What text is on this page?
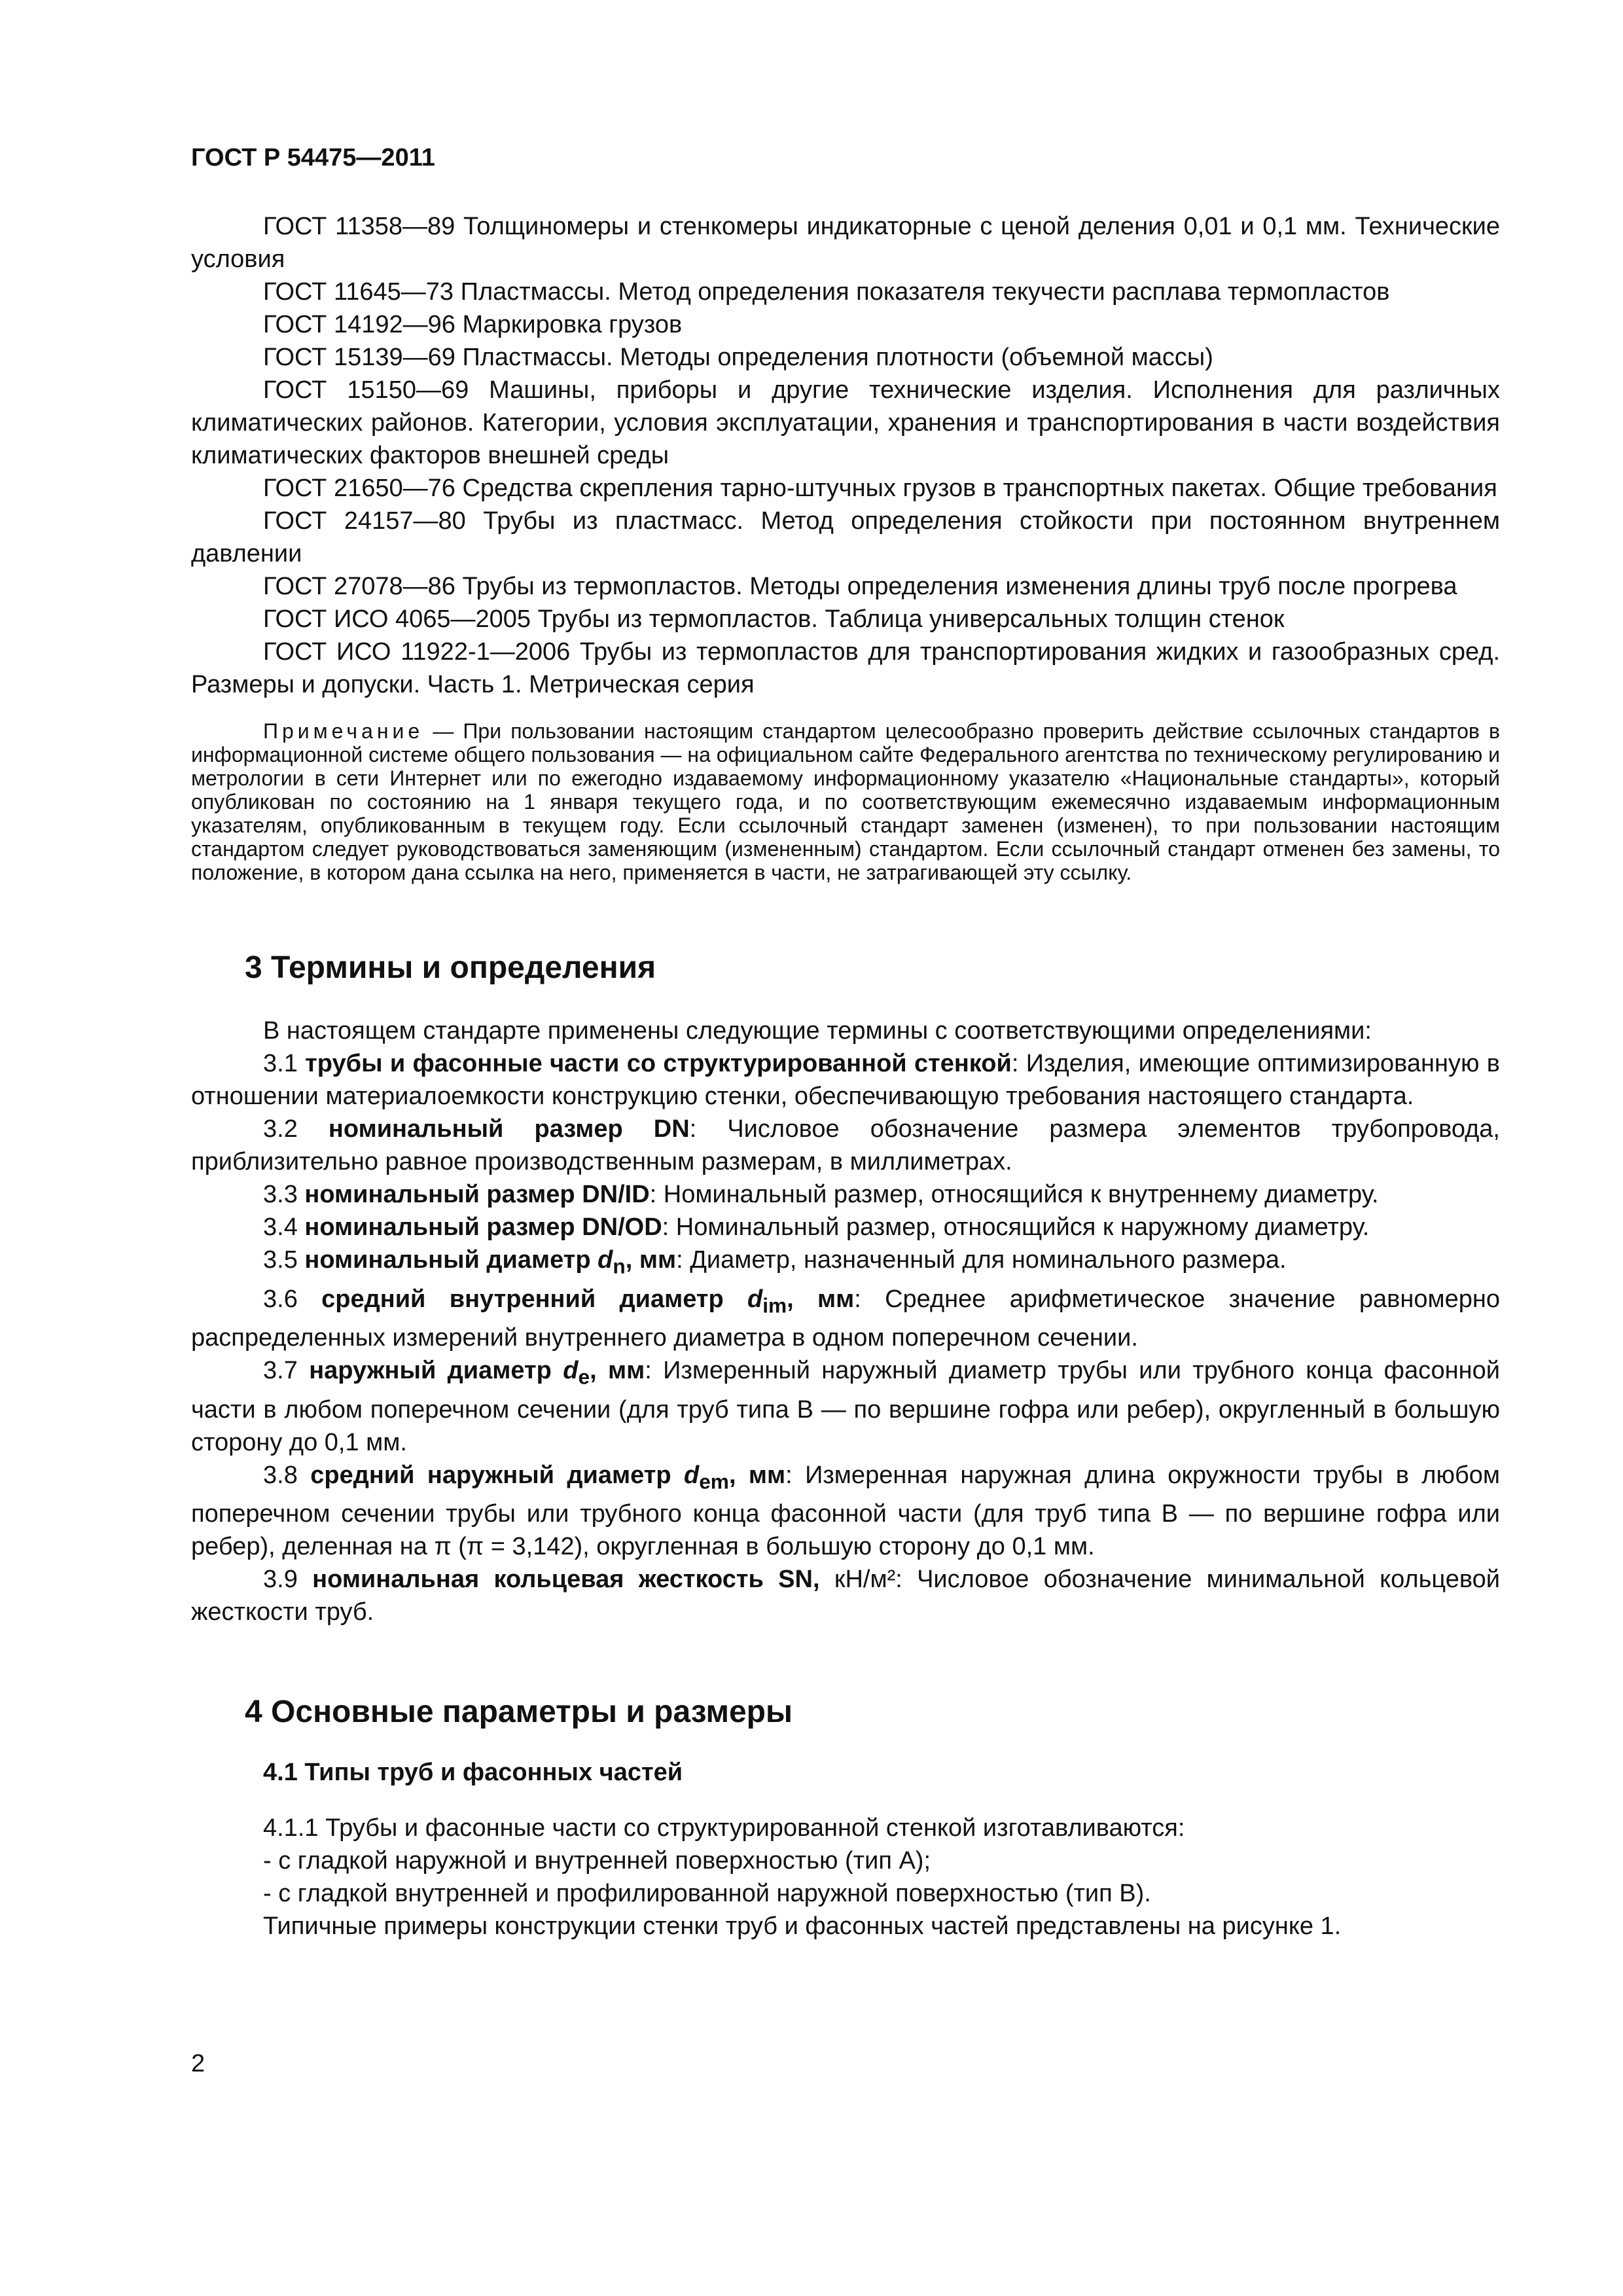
ГОСТ Р 54475—2011

ГОСТ 11358—89 Толщиномеры и стенкомеры индикаторные с ценой деления 0,01 и 0,1 мм. Технические условия

ГОСТ 11645—73 Пластмассы. Метод определения показателя текучести расплава термопластов

ГОСТ 14192—96 Маркировка грузов

ГОСТ 15139—69 Пластмассы. Методы определения плотности (объемной массы)

ГОСТ 15150—69 Машины, приборы и другие технические изделия. Исполнения для различных климатических районов. Категории, условия эксплуатации, хранения и транспортирования в части воздействия климатических факторов внешней среды

ГОСТ 21650—76 Средства скрепления тарно-штучных грузов в транспортных пакетах. Общие требования

ГОСТ 24157—80 Трубы из пластмасс. Метод определения стойкости при постоянном внутреннем давлении

ГОСТ 27078—86 Трубы из термопластов. Методы определения изменения длины труб после прогрева

ГОСТ ИСО 4065—2005 Трубы из термопластов. Таблица универсальных толщин стенок

ГОСТ ИСО 11922-1—2006 Трубы из термопластов для транспортирования жидких и газообразных сред. Размеры и допуски. Часть 1. Метрическая серия

Примечание — При пользовании настоящим стандартом целесообразно проверить действие ссылочных стандартов в информационной системе общего пользования — на официальном сайте Федерального агентства по техническому регулированию и метрологии в сети Интернет или по ежегодно издаваемому информационному указателю «Национальные стандарты», который опубликован по состоянию на 1 января текущего года, и по соответствующим ежемесячно издаваемым информационным указателям, опубликованным в текущем году. Если ссылочный стандарт заменен (изменен), то при пользовании настоящим стандартом следует руководствоваться заменяющим (измененным) стандартом. Если ссылочный стандарт отменен без замены, то положение, в котором дана ссылка на него, применяется в части, не затрагивающей эту ссылку.

3 Термины и определения

В настоящем стандарте применены следующие термины с соответствующими определениями:

3.1 трубы и фасонные части со структурированной стенкой: Изделия, имеющие оптимизированную в отношении материалоемкости конструкцию стенки, обеспечивающую требования настоящего стандарта.

3.2 номинальный размер DN: Числовое обозначение размера элементов трубопровода, приблизительно равное производственным размерам, в миллиметрах.

3.3 номинальный размер DN/ID: Номинальный размер, относящийся к внутреннему диаметру.

3.4 номинальный размер DN/OD: Номинальный размер, относящийся к наружному диаметру.

3.5 номинальный диаметр $d_n$, мм: Диаметр, назначенный для номинального размера.

3.6 средний внутренний диаметр $d_{im}$, мм: Среднее арифметическое значение равномерно распределенных измерений внутреннего диаметра в одном поперечном сечении.

3.7 наружный диаметр $d_e$, мм: Измеренный наружный диаметр трубы или трубного конца фасонной части в любом поперечном сечении (для труб типа В — по вершине гофра или ребер), округленный в большую сторону до 0,1 мм.

3.8 средний наружный диаметр $d_{em}$, мм: Измеренная наружная длина окружности трубы в любом поперечном сечении трубы или трубного конца фасонной части (для труб типа В — по вершине гофра или ребер), деленная на π (π = 3,142), округленная в большую сторону до 0,1 мм.

3.9 номинальная кольцевая жесткость SN, кН/м²: Числовое обозначение минимальной кольцевой жесткости труб.

4 Основные параметры и размеры
4.1 Типы труб и фасонных частей

4.1.1 Трубы и фасонные части со структурированной стенкой изготавливаются:

- с гладкой наружной и внутренней поверхностью (тип А);

- с гладкой внутренней и профилированной наружной поверхностью (тип В).

Типичные примеры конструкции стенки труб и фасонных частей представлены на рисунке 1.

2
